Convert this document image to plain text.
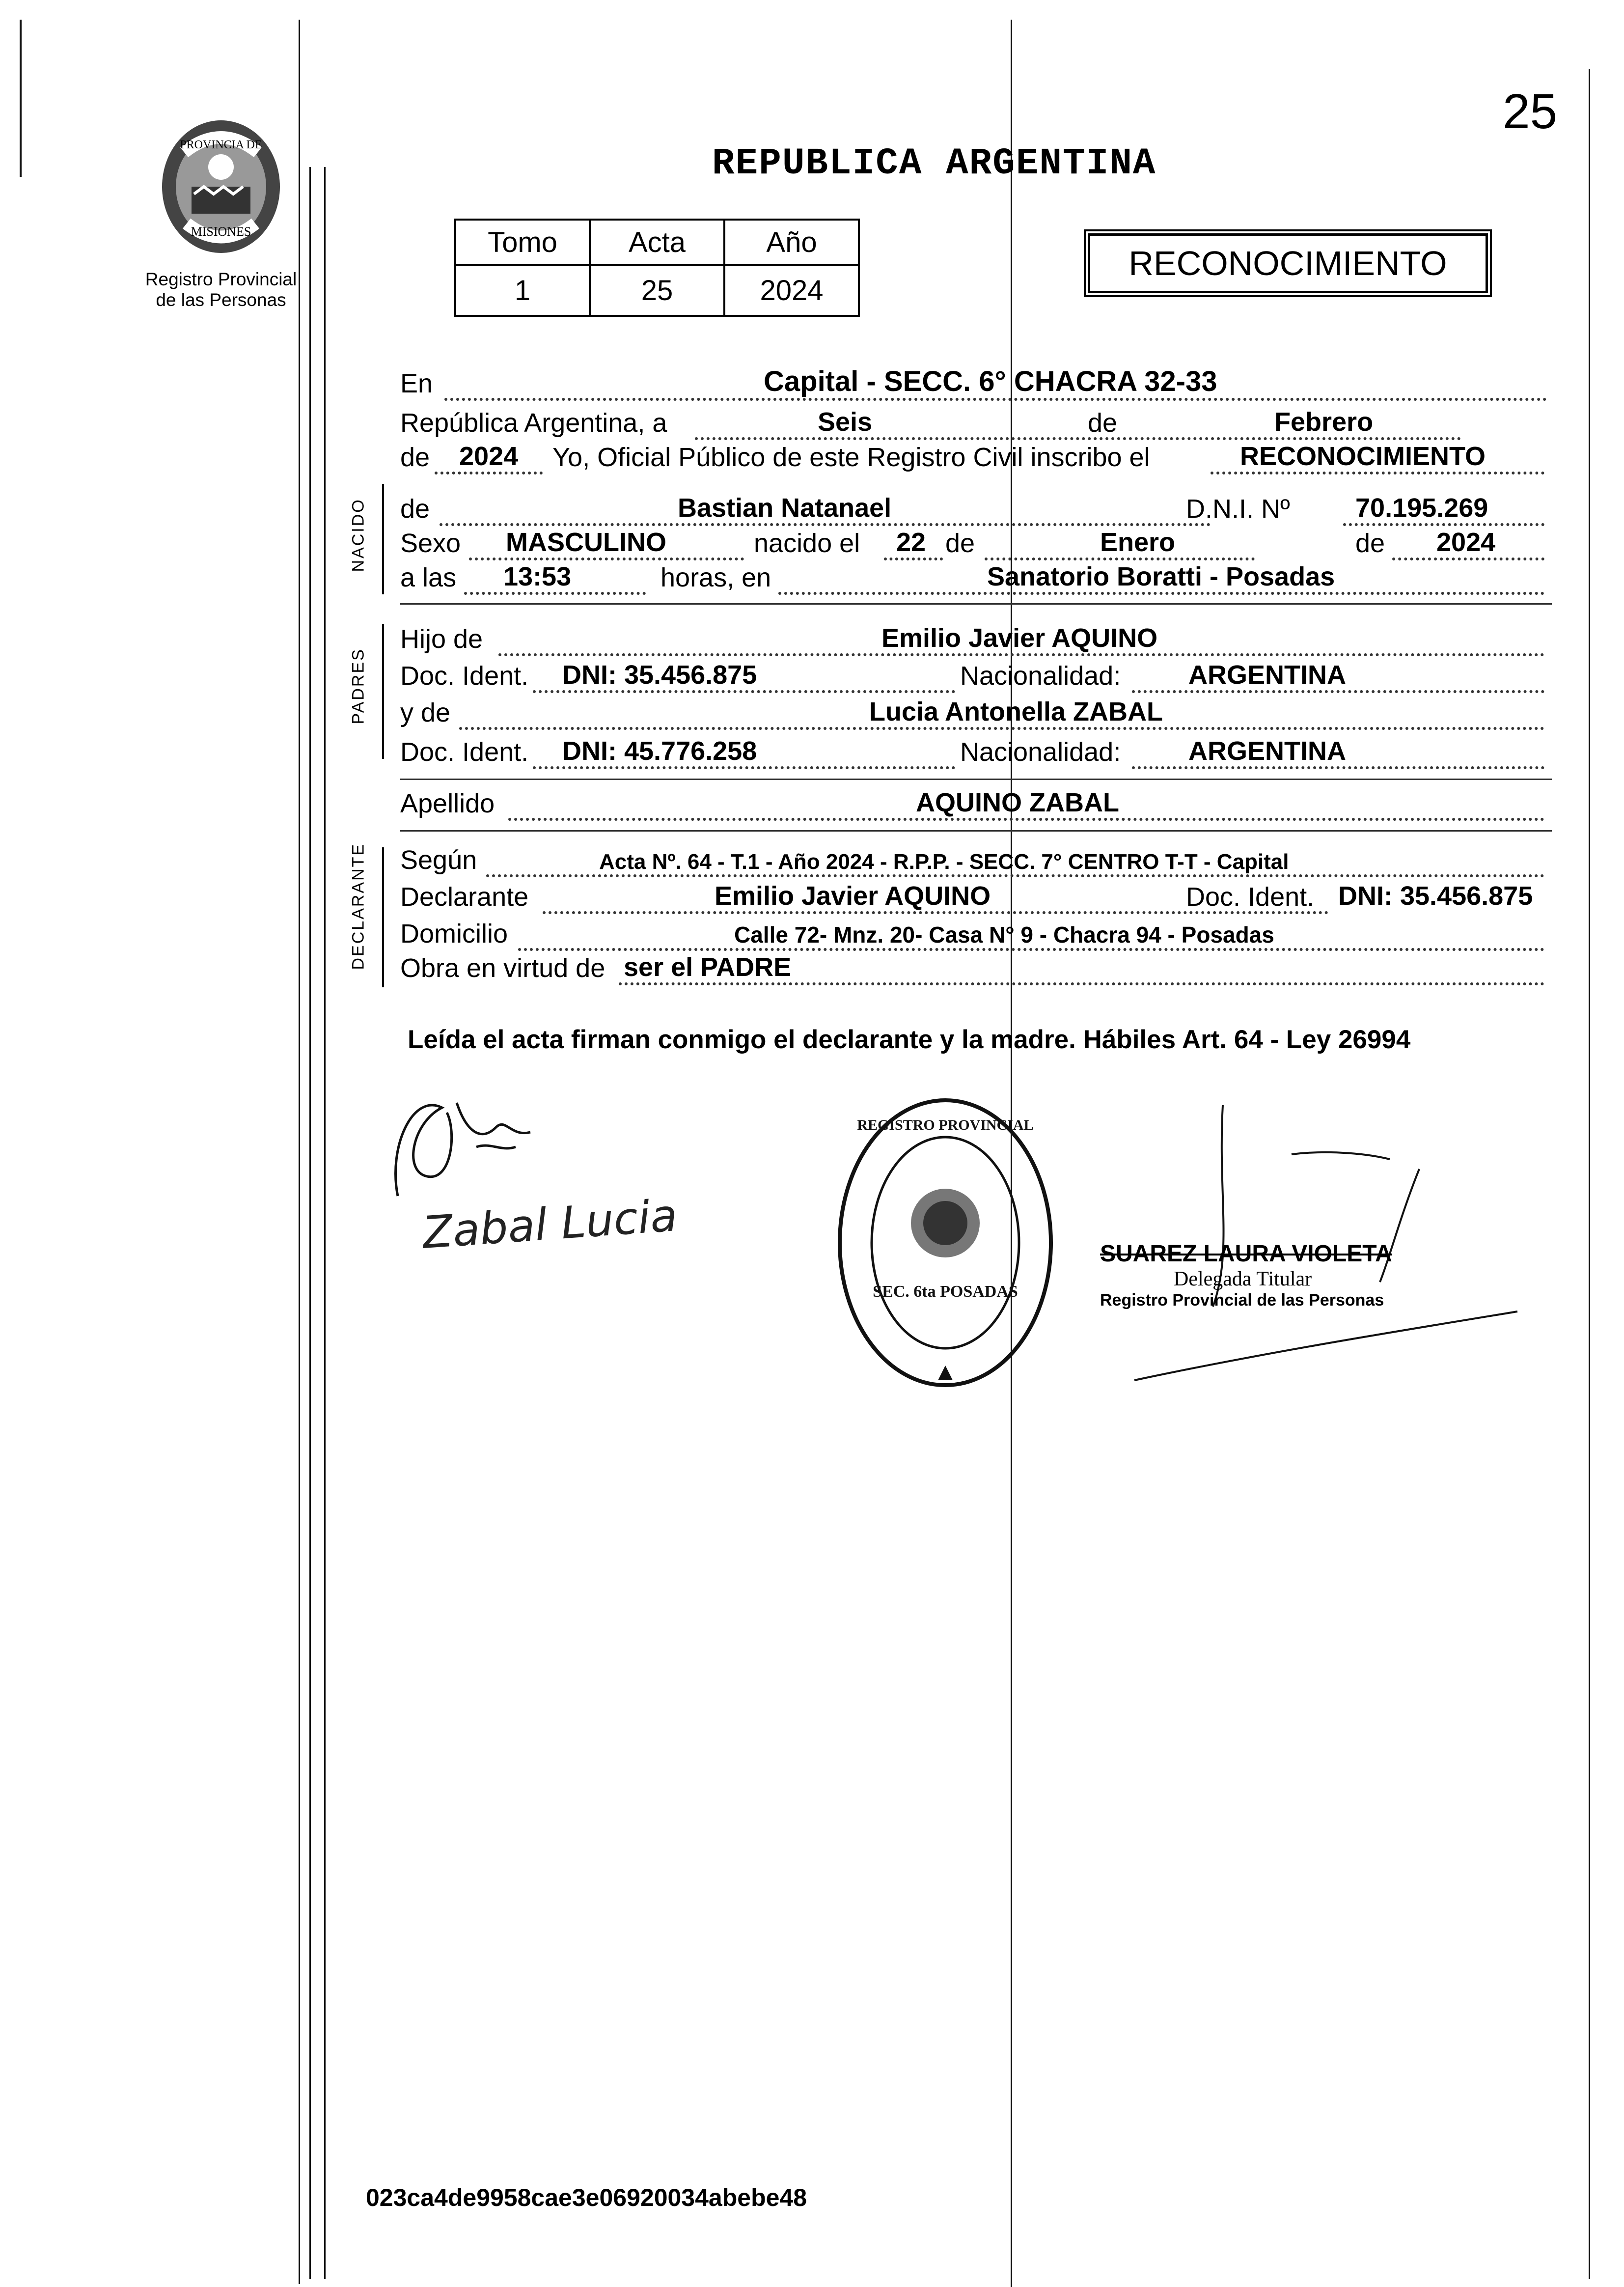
25
PROVINCIA DE
MISIONES
Registro Provincial
de las Personas
REPUBLICA ARGENTINA
Tomo	Acta	Año
1	25	2024
RECONOCIMIENTO
En	Capital - SECC. 6° CHACRA 32-33
República Argentina, a	Seis	de	Febrero
de 2024 Yo, Oficial Público de este Registro Civil inscribo el	RECONOCIMIENTO
NACIDO de	Bastian Natanael	D.N.I. Nº 70.195.269
Sexo MASCULINO	nacido el 22 de	Enero	de 2024
a las 13:53	horas, en	Sanatorio Boratti - Posadas
PADRES
Hijo de	Emilio Javier AQUINO
Doc. Ident. DNI: 35.456.875	Nacionalidad:	ARGENTINA
y de	Lucia Antonella ZABAL
Doc. Ident. DNI: 45.776.258	Nacionalidad:	ARGENTINA
Apellido	AQUINO ZABAL
DECLARANTE Según	Acta Nº. 64 - T.1 - Año 2024 - R.P.P. - SECC. 7° CENTRO T-T - Capital
Declarante	Emilio Javier AQUINO	Doc. Ident. DNI: 35.456.875
Domicilio	Calle 72- Mnz. 20- Casa N° 9 - Chacra 94 - Posadas
Obra en virtud de ser el PADRE
Leída el acta firman conmigo el declarante y la madre. Hábiles Art. 64 - Ley 26994
Zabal Lucia
REGISTRO PROVINCIAL
SEC. 6ta POSADAS
SUAREZ LAURA VIOLETA
Delegada Titular
Registro Provincial de las Personas
023ca4de9958cae3e06920034abebe48
